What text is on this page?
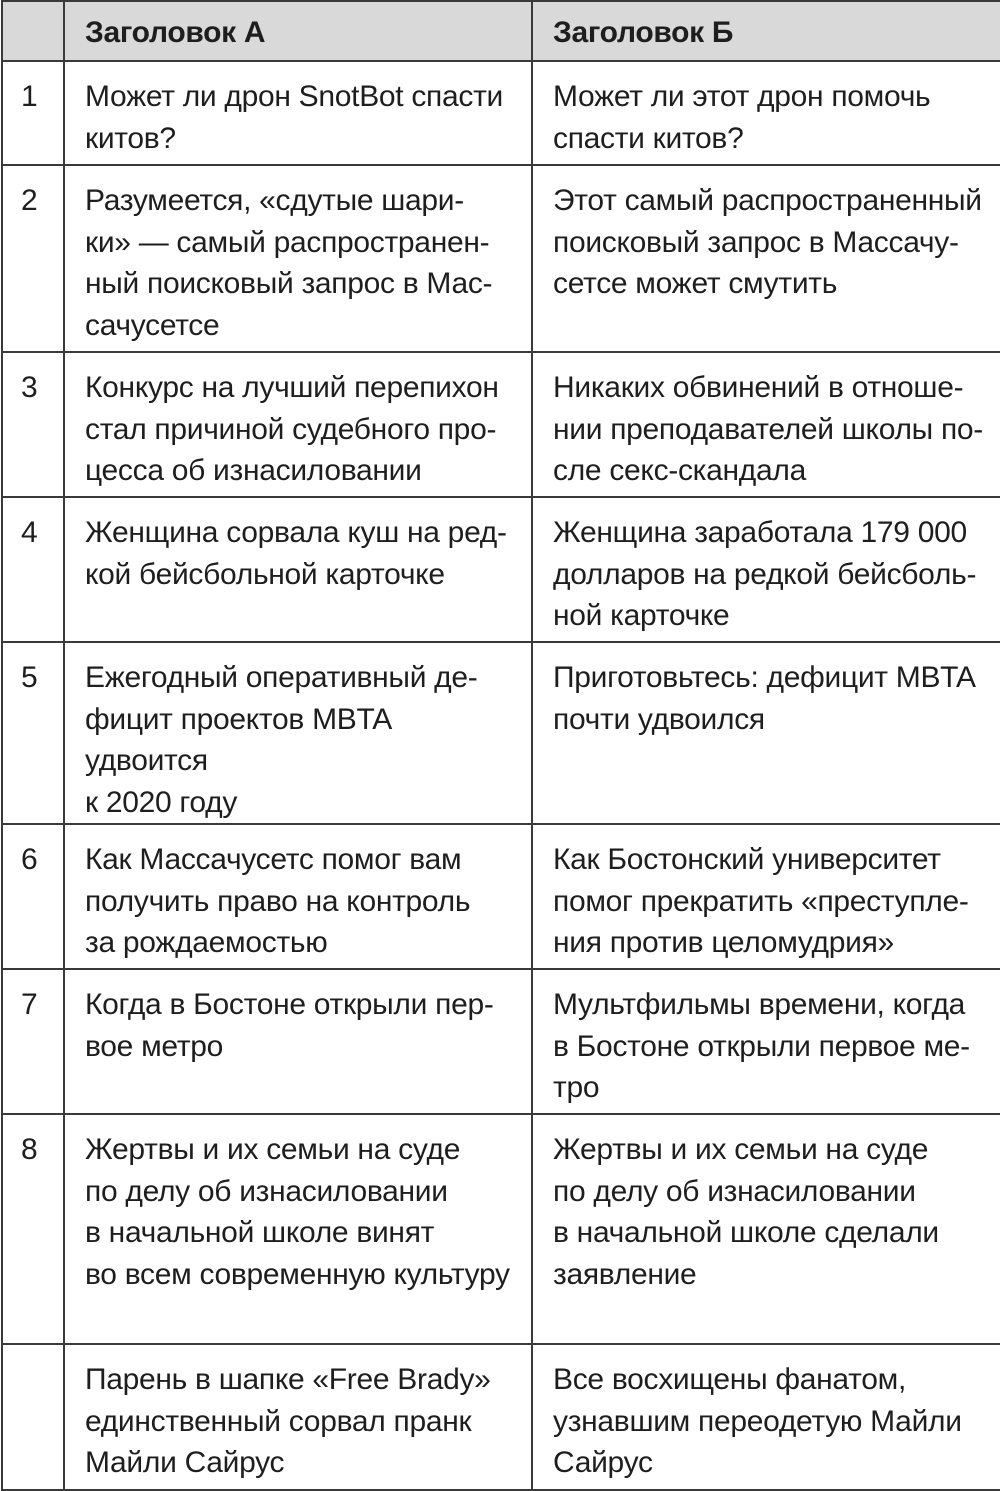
	Заголовок А	Заголовок Б
1	Может ли дрон SnotBot спасти
китов?	Может ли этот дрон помочь
спасти китов?
2	Разумеется, «сдутые шари-
ки» — самый распространен-
ный поисковый запрос в Мас-
сачусетсе	Этот самый распространенный
поисковый запрос в Массачу-
сетсе может смутить
3	Конкурс на лучший перепихон
стал причиной судебного про-
цесса об изнасиловании	Никаких обвинений в отноше-
нии преподавателей школы по-
сле секс-скандала
4	Женщина сорвала куш на ред-
кой бейсбольной карточке	Женщина заработала 179 000
долларов на редкой бейсболь-
ной карточке
5	Ежегодный оперативный де-
фицит проектов MBTA удвоится
к 2020 году	Приготовьтесь: дефицит MBTA
почти удвоился
6	Как Массачусетс помог вам
получить право на контроль
за рождаемостью	Как Бостонский университет
помог прекратить «преступле-
ния против целомудрия»
7	Когда в Бостоне открыли пер-
вое метро	Мультфильмы времени, когда
в Бостоне открыли первое ме-
тро
8	Жертвы и их семьи на суде
по делу об изнасиловании
в начальной школе винят
во всем современную культуру	Жертвы и их семьи на суде
по делу об изнасиловании
в начальной школе сделали
заявление
	Парень в шапке «Free Brady»
единственный сорвал пранк
Майли Сайрус	Все восхищены фанатом,
узнавшим переодетую Майли
Сайрус
